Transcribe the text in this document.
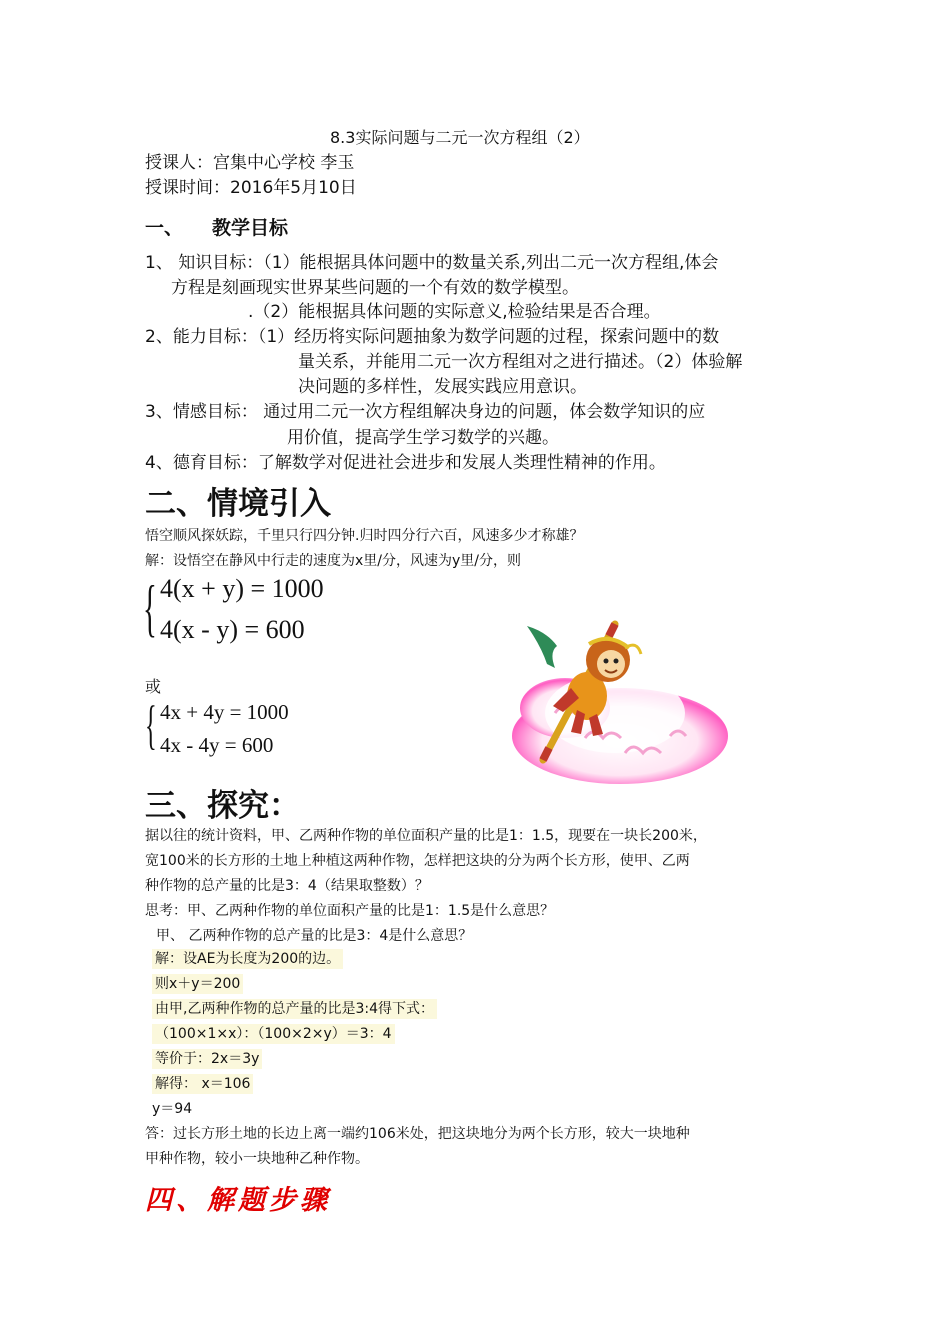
8.3实际问题与二元一次方程组（2）
授课人：宫集中心学校 李玉
授课时间：2016年5月10日
一、 教学目标
1、 知识目标：（1）能根据具体问题中的数量关系,列出二元一次方程组,体会
方程是刻画现实世界某些问题的一个有效的数学模型。
.（2）能根据具体问题的实际意义,检验结果是否合理。
2、能力目标：（1）经历将实际问题抽象为数学问题的过程，探索问题中的数
量关系，并能用二元一次方程组对之进行描述。（2）体验解
决问题的多样性，发展实践应用意识。
3、情感目标： 通过用二元一次方程组解决身边的问题，体会数学知识的应
用价值，提高学生学习数学的兴趣。
4、德育目标：了解数学对促进社会进步和发展人类理性精神的作用。
二、情境引入
悟空顺风探妖踪，千里只行四分钟.归时四分行六百，风速多少才称雄？
解：设悟空在静风中行走的速度为x里/分，风速为y里/分，则
{ 4(x + y) = 1000
4(x - y) = 600
或
{ 4x + 4y = 1000
4x - 4y = 600
三、探究：
据以往的统计资料，甲、乙两种作物的单位面积产量的比是1：1.5，现要在一块长200米，
宽100米的长方形的土地上种植这两种作物，怎样把这块的分为两个长方形，使甲、乙两
种作物的总产量的比是3：4（结果取整数）？
思考：甲、乙两种作物的单位面积产量的比是1：1.5是什么意思？
甲、 乙两种作物的总产量的比是3：4是什么意思？
解：设AE为长度为200的边。
则x＋y＝200
由甲,乙两种作物的总产量的比是3:4得下式：
（100×1×x）：（100×2×y）＝3：4
等价于：2x＝3y
解得： x＝106
y＝94
答：过长方形土地的长边上离一端约106米处，把这块地分为两个长方形，较大一块地种
甲种作物，较小一块地种乙种作物。
四、解题步骤
